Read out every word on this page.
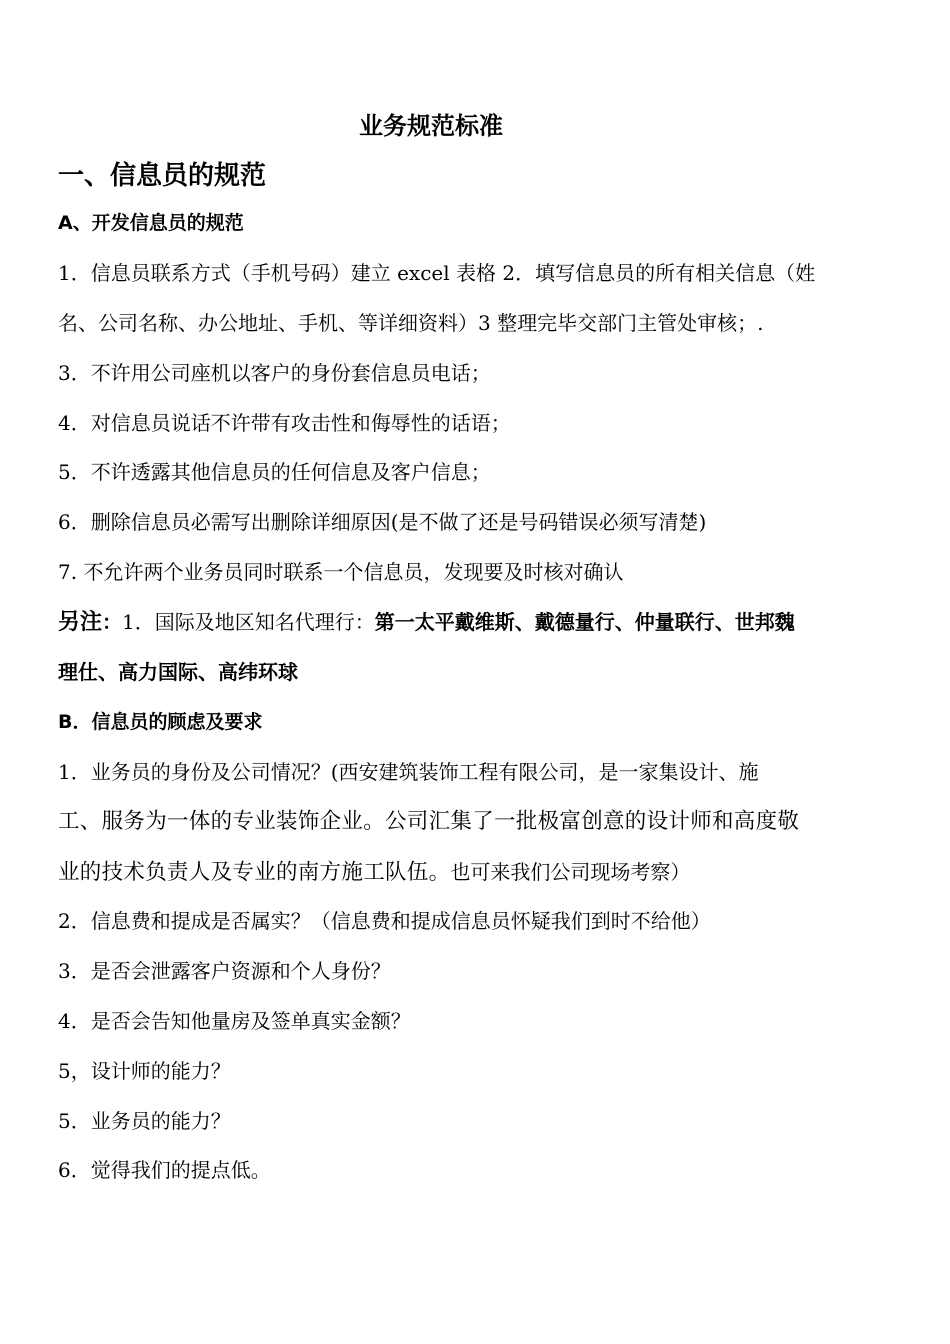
业务规范标准
一、信息员的规范
A、开发信息员的规范
1．信息员联系方式（手机号码）建立 excel 表格 2．填写信息员的所有相关信息（姓
名、公司名称、办公地址、手机、等详细资料）3 整理完毕交部门主管处审核；.
3．不许用公司座机以客户的身份套信息员电话；
4．对信息员说话不许带有攻击性和侮辱性的话语；
5．不许透露其他信息员的任何信息及客户信息；
6．删除信息员必需写出删除详细原因(是不做了还是号码错误必须写清楚)
7. 不允许两个业务员同时联系一个信息员，发现要及时核对确认
另注：1．国际及地区知名代理行：第一太平戴维斯、戴德量行、仲量联行、世邦魏
理仕、高力国际、高纬环球
B．信息员的顾虑及要求
1．业务员的身份及公司情况？(西安建筑装饰工程有限公司，是一家集设计、施
工、服务为一体的专业装饰企业。公司汇集了一批极富创意的设计师和高度敬
业的技术负责人及专业的南方施工队伍。也可来我们公司现场考察）
2．信息费和提成是否属实？（信息费和提成信息员怀疑我们到时不给他）
3．是否会泄露客户资源和个人身份？
4．是否会告知他量房及签单真实金额？
5，设计师的能力？
5．业务员的能力？
6．觉得我们的提点低。
